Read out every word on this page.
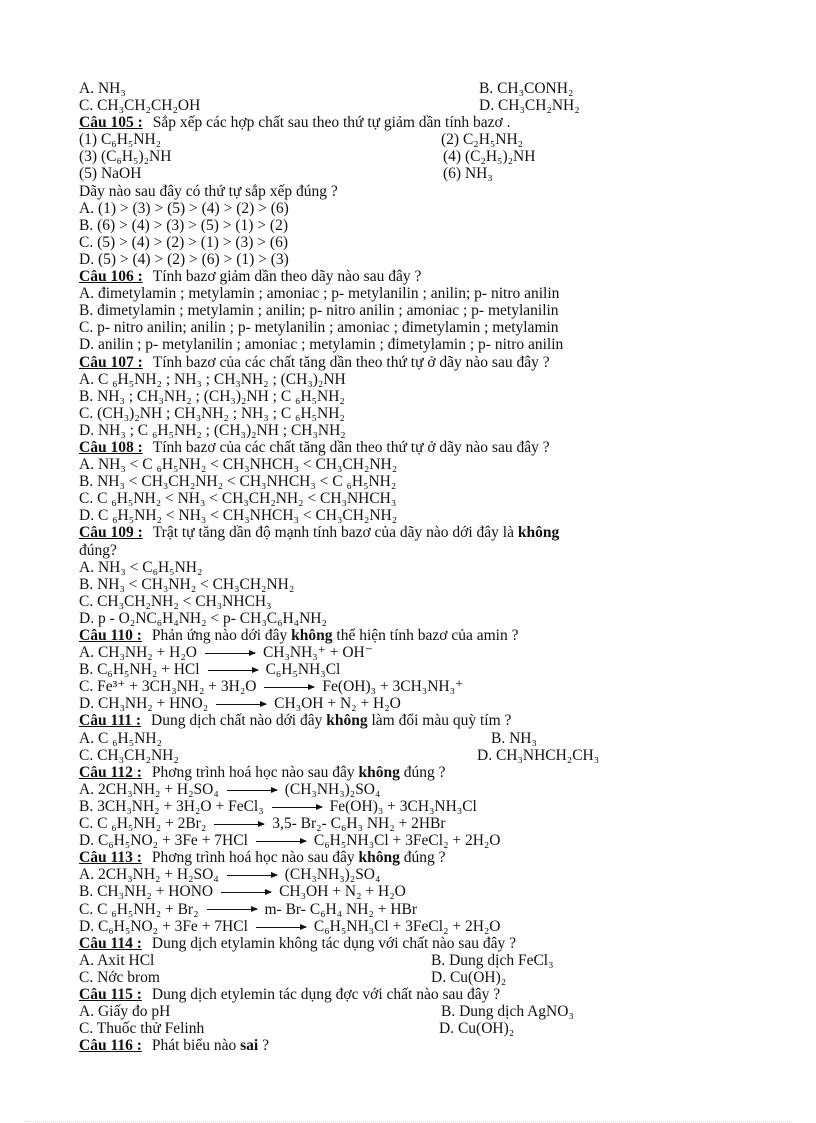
A. NH₃	B. CH₃CONH₂
C. CH₃CH₂CH₂OH	D. CH₃CH₂NH₂
Câu 105 : Sắp xếp các hợp chất sau theo thứ tự giảm dần tính bazơ .
(1) C₆H₅NH₂	(2) C₂H₅NH₂
(3) (C₆H₅)₂NH	(4) (C₂H₅)₂NH
(5) NaOH	(6) NH₃
Dãy nào sau đây có thứ tự sắp xếp đúng ?
A. (1) > (3) > (5) > (4) > (2) > (6)
B. (6) > (4) > (3) > (5) > (1) > (2)
C. (5) > (4) > (2) > (1) > (3) > (6)
D. (5) > (4) > (2) > (6) > (1) > (3)
Câu 106 : Tính bazơ giảm dần theo dãy nào sau đây ?
A. đimetylamin ; metylamin ; amoniac ; p- metylanilin ; anilin; p- nitro anilin
B. đimetylamin ; metylamin ; anilin; p- nitro anilin ; amoniac ; p- metylanilin
C. p- nitro anilin; anilin ; p- metylanilin ; amoniac ; đimetylamin ; metylamin
D. anilin ; p- metylanilin ; amoniac ; metylamin ; đimetylamin ; p- nitro anilin
Câu 107 : Tính bazơ của các chất tăng dần theo thứ tự ở dãy nào sau đây ?
A. C ₆H₅NH₂ ; NH₃ ; CH₃NH₂ ; (CH₃)₂NH
B. NH₃ ; CH₃NH₂ ; (CH₃)₂NH ; C ₆H₅NH₂
C. (CH₃)₂NH ; CH₃NH₂ ; NH₃ ; C ₆H₅NH₂
D. NH₃ ; C ₆H₅NH₂ ; (CH₃)₂NH ; CH₃NH₂
Câu 108 : Tính bazơ của các chất tăng dần theo thứ tự ở dãy nào sau đây ?
A. NH₃ < C ₆H₅NH₂ < CH₃NHCH₃ < CH₃CH₂NH₂
B. NH₃ < CH₃CH₂NH₂ < CH₃NHCH₃ < C ₆H₅NH₂
C. C ₆H₅NH₂ < NH₃ < CH₃CH₂NH₂ < CH₃NHCH₃
D. C ₆H₅NH₂ < NH₃ < CH₃NHCH₃ < CH₃CH₂NH₂
Câu 109 : Trật tự tăng dần độ mạnh tính bazơ của dãy nào dới đây là không
đúng?
A. NH₃ < C₆H₅NH₂
B. NH₃ < CH₃NH₂ < CH₃CH₂NH₂
C. CH₃CH₂NH₂ < CH₃NHCH₃
D. p - O₂NC₆H₄NH₂ < p- CH₃C₆H₄NH₂
Câu 110 : Phản ứng nào dới đây không thể hiện tính bazơ của amin ?
A. CH₃NH₂ + H₂O → CH₃NH₃⁺ + OH⁻
B. C₆H₅NH₂ + HCl → C₆H₅NH₃Cl
C. Fe³⁺ + 3CH₃NH₂ + 3H₂O → Fe(OH)₃ + 3CH₃NH₃⁺
D. CH₃NH₂ + HNO₂ → CH₃OH + N₂ + H₂O
Câu 111 : Dung dịch chất nào dới đây không làm đổi màu quỳ tím ?
A. C ₆H₅NH₂	B. NH₃
C. CH₃CH₂NH₂	D. CH₃NHCH₂CH₃
Câu 112 : Phơng trình hoá học nào sau đây không đúng ?
A. 2CH₃NH₂ + H₂SO₄ → (CH₃NH₃)₂SO₄
B. 3CH₃NH₂ + 3H₂O + FeCl₃ → Fe(OH)₃ + 3CH₃NH₃Cl
C. C ₆H₅NH₂ + 2Br₂ → 3,5- Br₂- C₆H₃ NH₂ + 2HBr
D. C₆H₅NO₂ + 3Fe + 7HCl → C₆H₅NH₃Cl + 3FeCl₂ + 2H₂O
Câu 113 : Phơng trình hoá học nào sau đây không đúng ?
A. 2CH₃NH₂ + H₂SO₄ → (CH₃NH₃)₂SO₄
B. CH₃NH₂ + HONO → CH₃OH + N₂ + H₂O
C. C ₆H₅NH₂ + Br₂ → m- Br- C₆H₄ NH₂ + HBr
D. C₆H₅NO₂ + 3Fe + 7HCl → C₆H₅NH₃Cl + 3FeCl₂ + 2H₂O
Câu 114 : Dung dịch etylamin không tác dụng với chất nào sau đây ?
A. Axit HCl	B. Dung dịch FeCl₃
C. Nớc brom	D. Cu(OH)₂
Câu 115 : Dung dịch etylemin tác dụng đợc với chất nào sau đây ?
A. Giấy đo pH	B. Dung dịch AgNO₃
C. Thuốc thử Felinh	D. Cu(OH)₂
Câu 116 : Phát biểu nào sai ?
